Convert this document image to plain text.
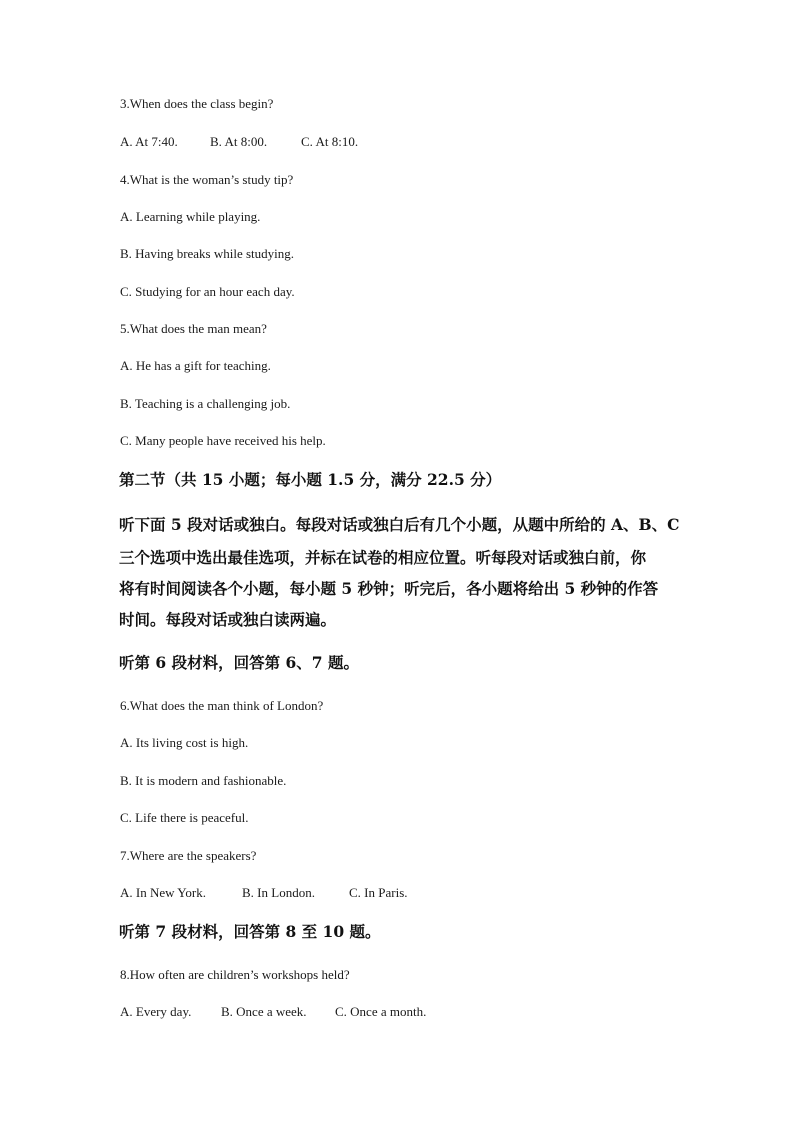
3.When does the class begin?
A. At 7:40. B. At 8:00.	C. At 8:10.
4.What is the woman’s study tip?
A. Learning while playing.
B. Having breaks while studying.
C. Studying for an hour each day.
5.What does the man mean?
A. He has a gift for teaching.
B. Teaching is a challenging job.
C. Many people have received his help.
第二节（共 15 小题；每小题 1.5 分，满分 22.5 分）
听下面 5 段对话或独白。每段对话或独白后有几个小题，从题中所给的 A、B、C
三个选项中选出最佳选项，并标在试卷的相应位置。听每段对话或独白前，你
将有时间阅读各个小题，每小题 5 秒钟；听完后，各小题将给出 5 秒钟的作答
时间。每段对话或独白读两遍。
听第 6 段材料，回答第 6、7 题。
6.What does the man think of London?
A. Its living cost is high.
B. It is modern and fashionable.
C. Life there is peaceful.
7.Where are the speakers?
A. In New York.	B. In London.	C. In Paris.
听第 7 段材料，回答第 8 至 10 题。
8.How often are children’s workshops held?
A. Every day. B. Once a week. C. Once a month.
